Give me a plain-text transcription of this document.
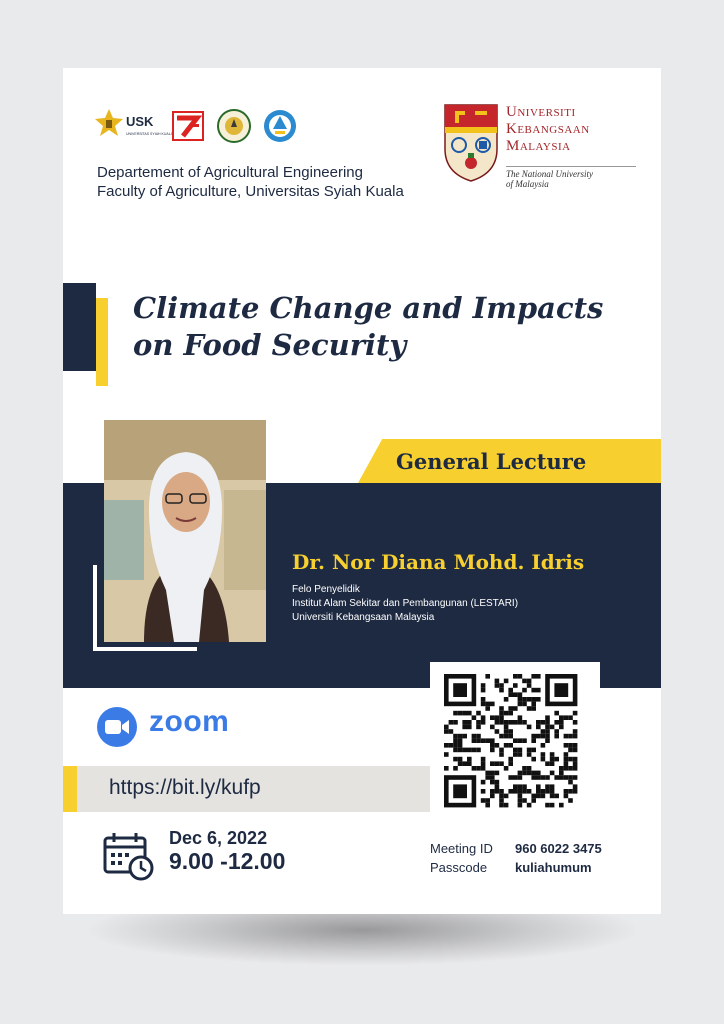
USK
UNIVERSITAS SYIAH KUALA
Departement of Agricultural Engineering
Faculty of Agriculture, Universitas Syiah Kuala
Universiti
Kebangsaan
Malaysia
The National University
of Malaysia
Climate Change and Impacts
on Food Security
General Lecture
Dr. Nor Diana Mohd. Idris
Felo Penyelidik
Institut Alam Sekitar dan Pembangunan (LESTARI)
Universiti Kebangsaan Malaysia
zoom
https://bit.ly/kufp
Dec 6, 2022
9.00 -12.00	Meeting ID
Passcode
960 6022 3475
kuliahumum
